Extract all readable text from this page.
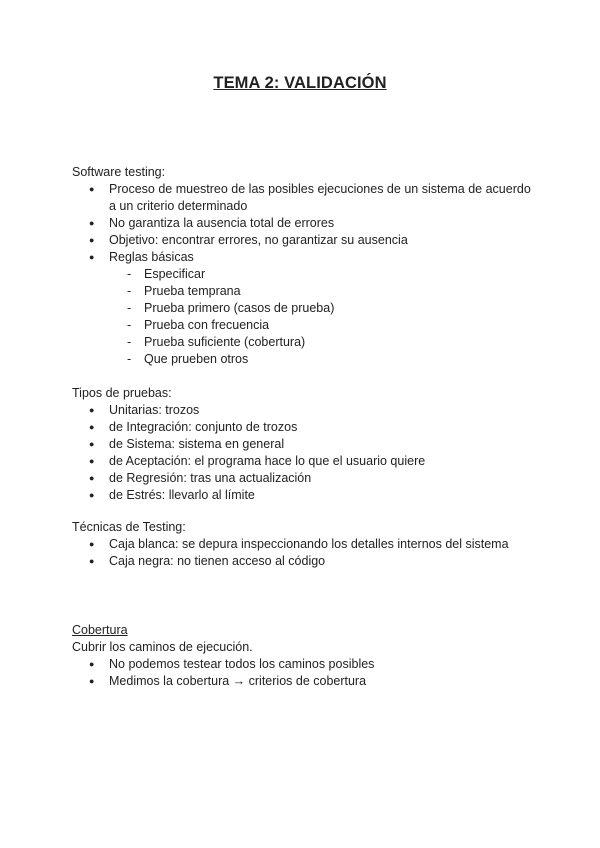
TEMA 2: VALIDACIÓN

Software testing:

● Proceso de muestreo de las posibles ejecuciones de un sistema de acuerdo a un criterio determinado
● No garantiza la ausencia total de errores
● Objetivo: encontrar errores, no garantizar su ausencia
● Reglas básicas
- Especificar
- Prueba temprana
- Prueba primero (casos de prueba)
- Prueba con frecuencia
- Prueba suficiente (cobertura)
- Que prueben otros

Tipos de pruebas:

● Unitarias: trozos
● de Integración: conjunto de trozos
● de Sistema: sistema en general
● de Aceptación: el programa hace lo que el usuario quiere
● de Regresión: tras una actualización
● de Estrés: llevarlo al límite

Técnicas de Testing:

● Caja blanca: se depura inspeccionando los detalles internos del sistema
● Caja negra: no tienen acceso al código

Cobertura

Cubrir los caminos de ejecución.

● No podemos testear todos los caminos posibles
● Medimos la cobertura → criterios de cobertura
